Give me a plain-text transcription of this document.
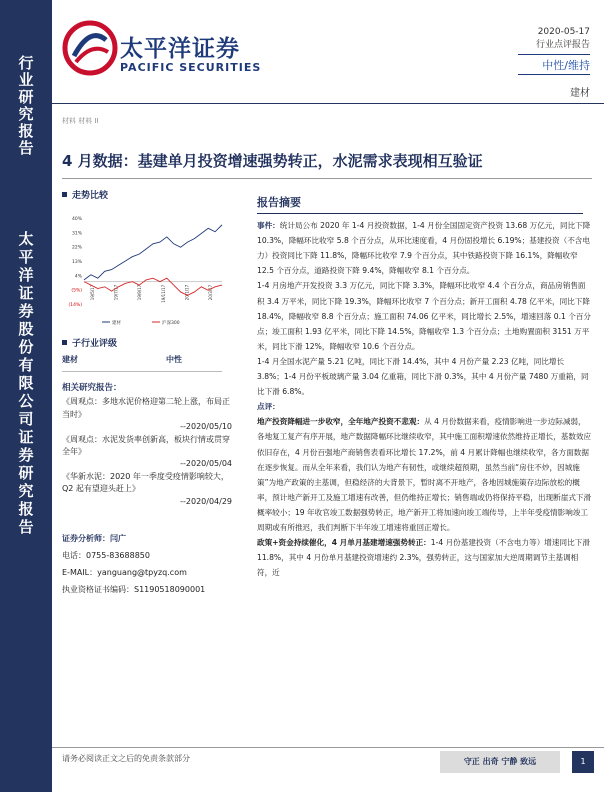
行
业
研
究
报
告
太
平
洋
证
券
股
份
有
限
公
司
证
券
研
究
报
告
太平洋证券
PACIFIC SECURITIES
2020-05-17
行业点评报告
中性/维持
建材
材料 材料 II
4 月数据：基建单月投资增速强势转正，水泥需求表现相互验证
走势比较
40%
31%
22%
13%
4%
(5%)
(14%)
19/5/17	19/7/17	19/9/17	19/11/17	20/1/17	20/3/17
建材	沪深300
子行业评级
建材	中性
相关研究报告：
《周观点：多地水泥价格迎第二轮上涨，布局正当时》
--2020/05/10
《周观点：水泥发货率创新高，板块行情或贯穿全年》
--2020/05/04
《华新水泥：2020 年一季度受疫情影响较大，Q2 起有望迎头赶上》
--2020/04/29
证券分析师：闫广
电话：0755-83688850
E-MAIL：yanguang@tpyzq.com
执业资格证书编码：S1190518090001
报告摘要

事件：统计局公布 2020 年 1-4 月投资数据，1-4 月份全国固定资产投资 13.68 万亿元，同比下降 10.3%，降幅环比收窄 5.8 个百分点，从环比速度看，4 月份固投增长 6.19%；基建投资（不含电力）投资同比下降 11.8%，降幅环比收窄 7.9 个百分点，其中铁路投资下降 16.1%，降幅收窄 12.5 个百分点，道路投资下降 9.4%，降幅收窄 8.1 个百分点。

1-4 月房地产开发投资 3.3 万亿元，同比下降 3.3%，降幅环比收窄 4.4 个百分点，商品房销售面积 3.4 万平米，同比下降 19.3%，降幅环比收窄 7 个百分点；新开工面积 4.78 亿平米，同比下降 18.4%，降幅收窄 8.8 个百分点；施工面积 74.06 亿平米，同比增长 2.5%，增速回落 0.1 个百分点；竣工面积 1.93 亿平米，同比下降 14.5%，降幅收窄 1.3 个百分点；土地购置面积 3151 万平米，同比下滑 12%，降幅收窄 10.6 个百分点。

1-4 月全国水泥产量 5.21 亿吨，同比下滑 14.4%，其中 4 月份产量 2.23 亿吨，同比增长 3.8%；1-4 月份平板玻璃产量 3.04 亿重箱，同比下滑 0.3%，其中 4 月份产量 7480 万重箱，同比下滑 6.8%。

点评：

地产投资降幅进一步收窄，全年地产投资不悲观：从 4 月份数据来看，疫情影响进一步边际减弱，各地复工复产有序开展，地产数据降幅环比继续收窄，其中施工面积增速依然维持正增长，基数效应依旧存在，4 月份百强地产商销售表看环比增长 17.2%，前 4 月累计降幅也继续收窄，各方面数据在逐步恢复。而从全年来看，我们认为地产有韧性，或继续超预期，虽然当前“房住不炒，因城施策”为地产政策的主基调，但稳经济的大背景下，暂时离不开地产，各地因城施策存边际放松的概率，预计地产新开工及施工增速有改善，但仍维持正增长；销售端或仍将保持平稳，出现断崖式下滑概率较小；19 年收官竣工数据强势转正，地产新开工将加速向竣工端传导，上半年受疫情影响竣工周期或有所推迟，我们判断下半年竣工增速将重回正增长。

政策+资金持续催化，4 月单月基建增速强势转正：1-4 月份基建投资（不含电力等）增速同比下滑 11.8%，其中 4 月份单月基建投资增速约 2.3%，强势转正，这与国家加大逆周期调节主基调相符，近

请务必阅读正文之后的免责条款部分	守正 出奇 宁静 致远	1
